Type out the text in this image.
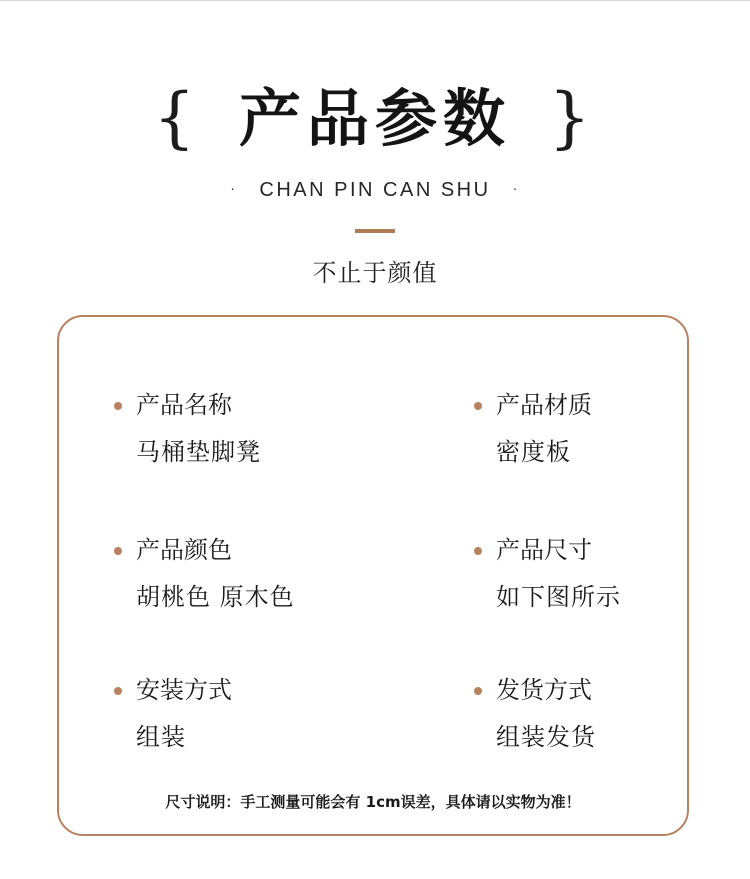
{ 产品参数 }
· CHAN PIN CAN SHU ·
不止于颜值
产品名称
马桶垫脚凳
产品材质
密度板
产品颜色
胡桃色 原木色
产品尺寸
如下图所示
安装方式
组装
发货方式
组装发货
尺寸说明：手工测量可能会有 1cm误差，具体请以实物为准！
